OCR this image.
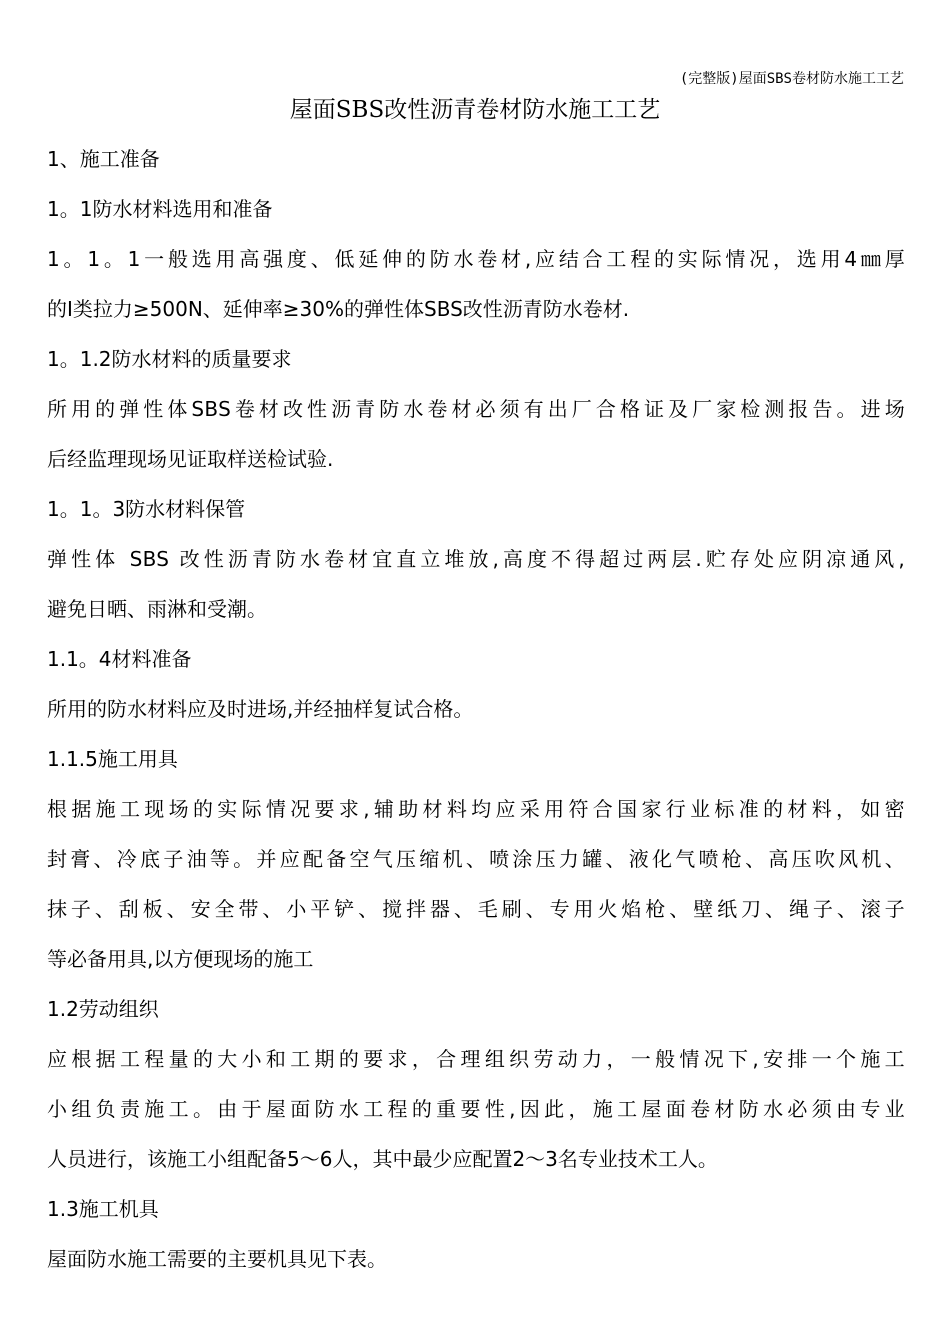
(完整版)屋面SBS卷材防水施工工艺
屋面SBS改性沥青卷材防水施工工艺
1、施工准备
1。1防水材料选用和准备
1。1。1一般选用高强度、低延伸的防水卷材,应结合工程的实际情况，选用4㎜厚
的Ⅰ类拉力≥500N、延伸率≥30%的弹性体SBS改性沥青防水卷材.
1。1.2防水材料的质量要求
所用的弹性体SBS卷材改性沥青防水卷材必须有出厂合格证及厂家检测报告。进场
后经监理现场见证取样送检试验.
1。1。3防水材料保管
弹性体 SBS 改性沥青防水卷材宜直立堆放,高度不得超过两层.贮存处应阴凉通风,
避免日晒、雨淋和受潮。
1.1。4材料准备
所用的防水材料应及时进场,并经抽样复试合格。
1.1.5施工用具
根据施工现场的实际情况要求,辅助材料均应采用符合国家行业标准的材料，如密
封膏、冷底子油等。并应配备空气压缩机、喷涂压力罐、液化气喷枪、高压吹风机、
抹子、刮板、安全带、小平铲、搅拌器、毛刷、专用火焰枪、壁纸刀、绳子、滚子
等必备用具,以方便现场的施工
1.2劳动组织
应根据工程量的大小和工期的要求，合理组织劳动力，一般情况下,安排一个施工
小组负责施工。由于屋面防水工程的重要性,因此，施工屋面卷材防水必须由专业
人员进行，该施工小组配备5～6人，其中最少应配置2～3名专业技术工人。
1.3施工机具
屋面防水施工需要的主要机具见下表。
